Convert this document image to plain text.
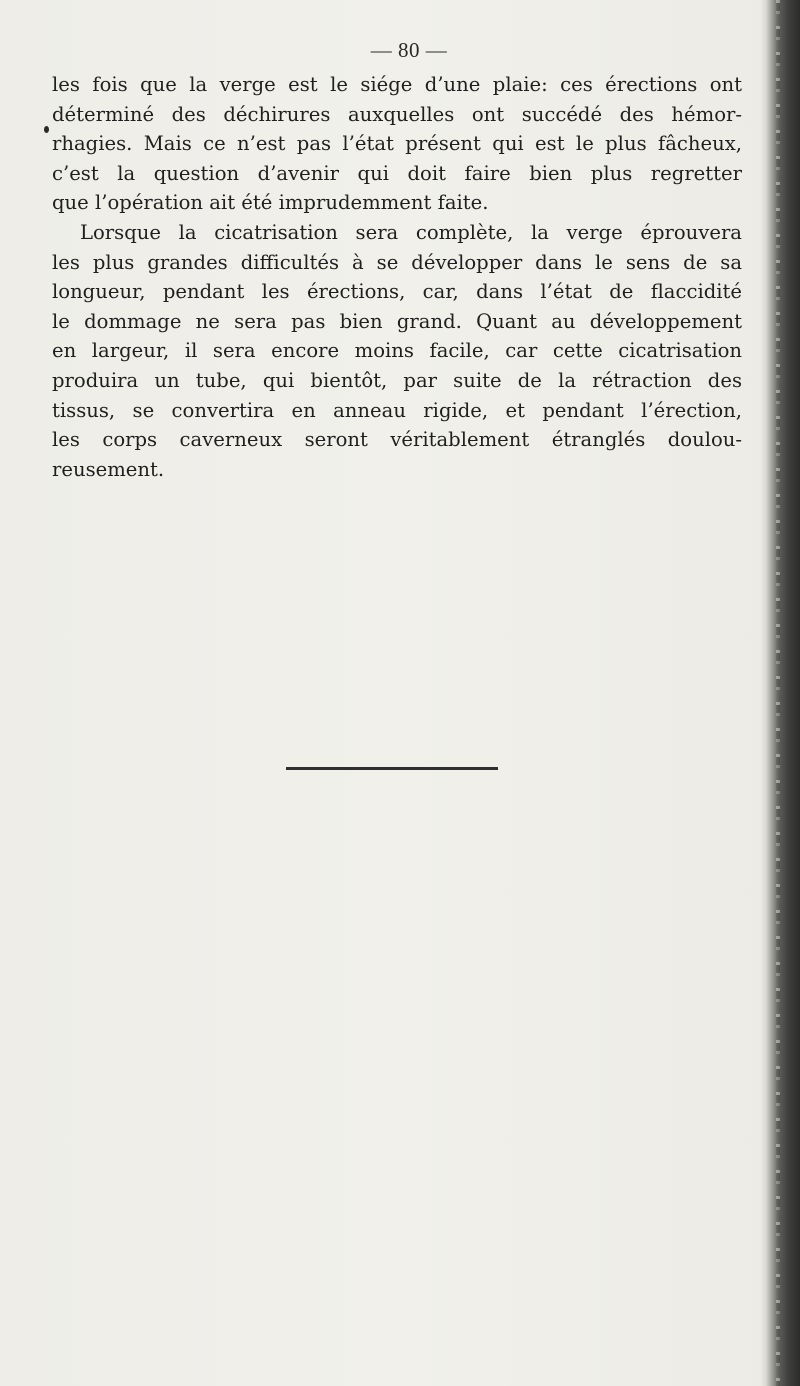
— 80 —
les fois que la verge est le siége d’une plaie: ces érections ont
déterminé des déchirures auxquelles ont succédé des hémor-
rhagies. Mais ce n’est pas l’état présent qui est le plus fâcheux,
c’est la question d’avenir qui doit faire bien plus regretter
que l’opération ait été imprudemment faite.
Lorsque la cicatrisation sera complète, la verge éprouvera
les plus grandes difficultés à se développer dans le sens de sa
longueur, pendant les érections, car, dans l’état de flaccidité
le dommage ne sera pas bien grand. Quant au développement
en largeur, il sera encore moins facile, car cette cicatrisation
produira un tube, qui bientôt, par suite de la rétraction des
tissus, se convertira en anneau rigide, et pendant l’érection,
les corps caverneux seront véritablement étranglés doulou-
reusement.
